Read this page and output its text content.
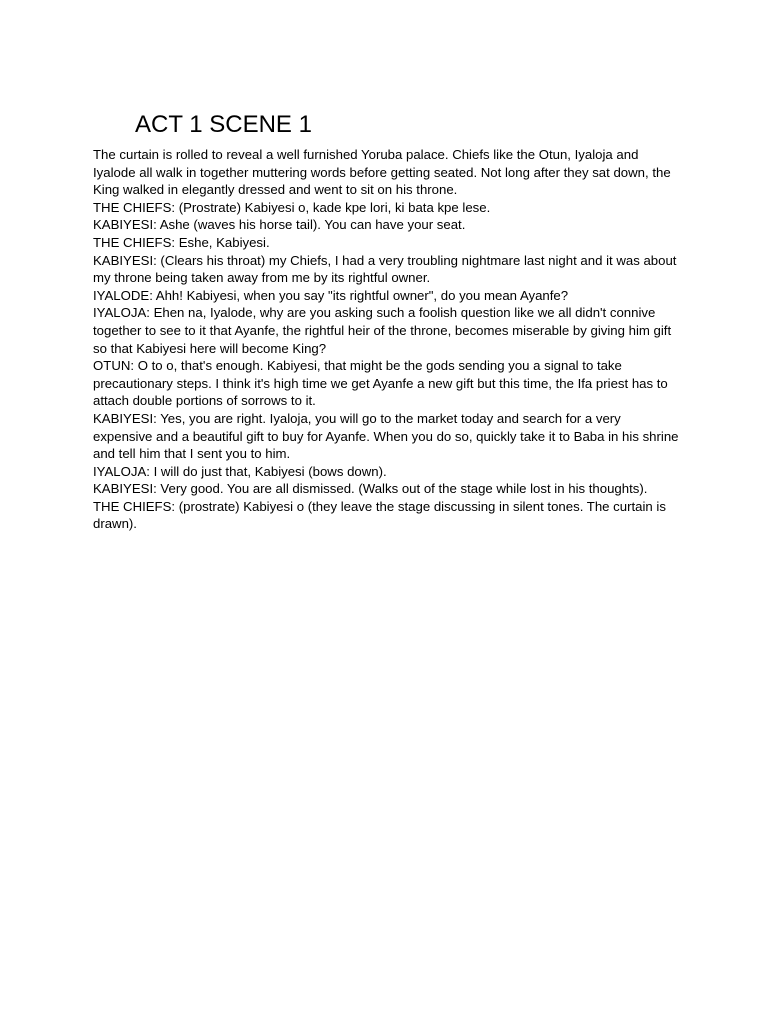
ACT 1 SCENE 1

The curtain is rolled to reveal a well furnished Yoruba palace. Chiefs like the Otun, Iyaloja and Iyalode all walk in together muttering words before getting seated. Not long after they sat down, the King walked in elegantly dressed and went to sit on his throne.

THE CHIEFS: (Prostrate) Kabiyesi o, kade kpe lori, ki bata kpe lese.

KABIYESI: Ashe (waves his horse tail). You can have your seat.

THE CHIEFS: Eshe, Kabiyesi.

KABIYESI: (Clears his throat) my Chiefs, I had a very troubling nightmare last night and it was about my throne being taken away from me by its rightful owner.

IYALODE: Ahh! Kabiyesi, when you say "its rightful owner", do you mean Ayanfe?

IYALOJA: Ehen na, Iyalode, why are you asking such a foolish question like we all didn't connive together to see to it that Ayanfe, the rightful heir of the throne, becomes miserable by giving him gift so that Kabiyesi here will become King?

OTUN: O to o, that's enough. Kabiyesi, that might be the gods sending you a signal to take precautionary steps. I think it's high time we get Ayanfe a new gift but this time, the Ifa priest has to attach double portions of sorrows to it.

KABIYESI: Yes, you are right. Iyaloja, you will go to the market today and search for a very expensive and a beautiful gift to buy for Ayanfe. When you do so, quickly take it to Baba in his shrine and tell him that I sent you to him.

IYALOJA: I will do just that, Kabiyesi (bows down).

KABIYESI: Very good. You are all dismissed. (Walks out of the stage while lost in his thoughts).

THE CHIEFS: (prostrate) Kabiyesi o (they leave the stage discussing in silent tones. The curtain is drawn).
